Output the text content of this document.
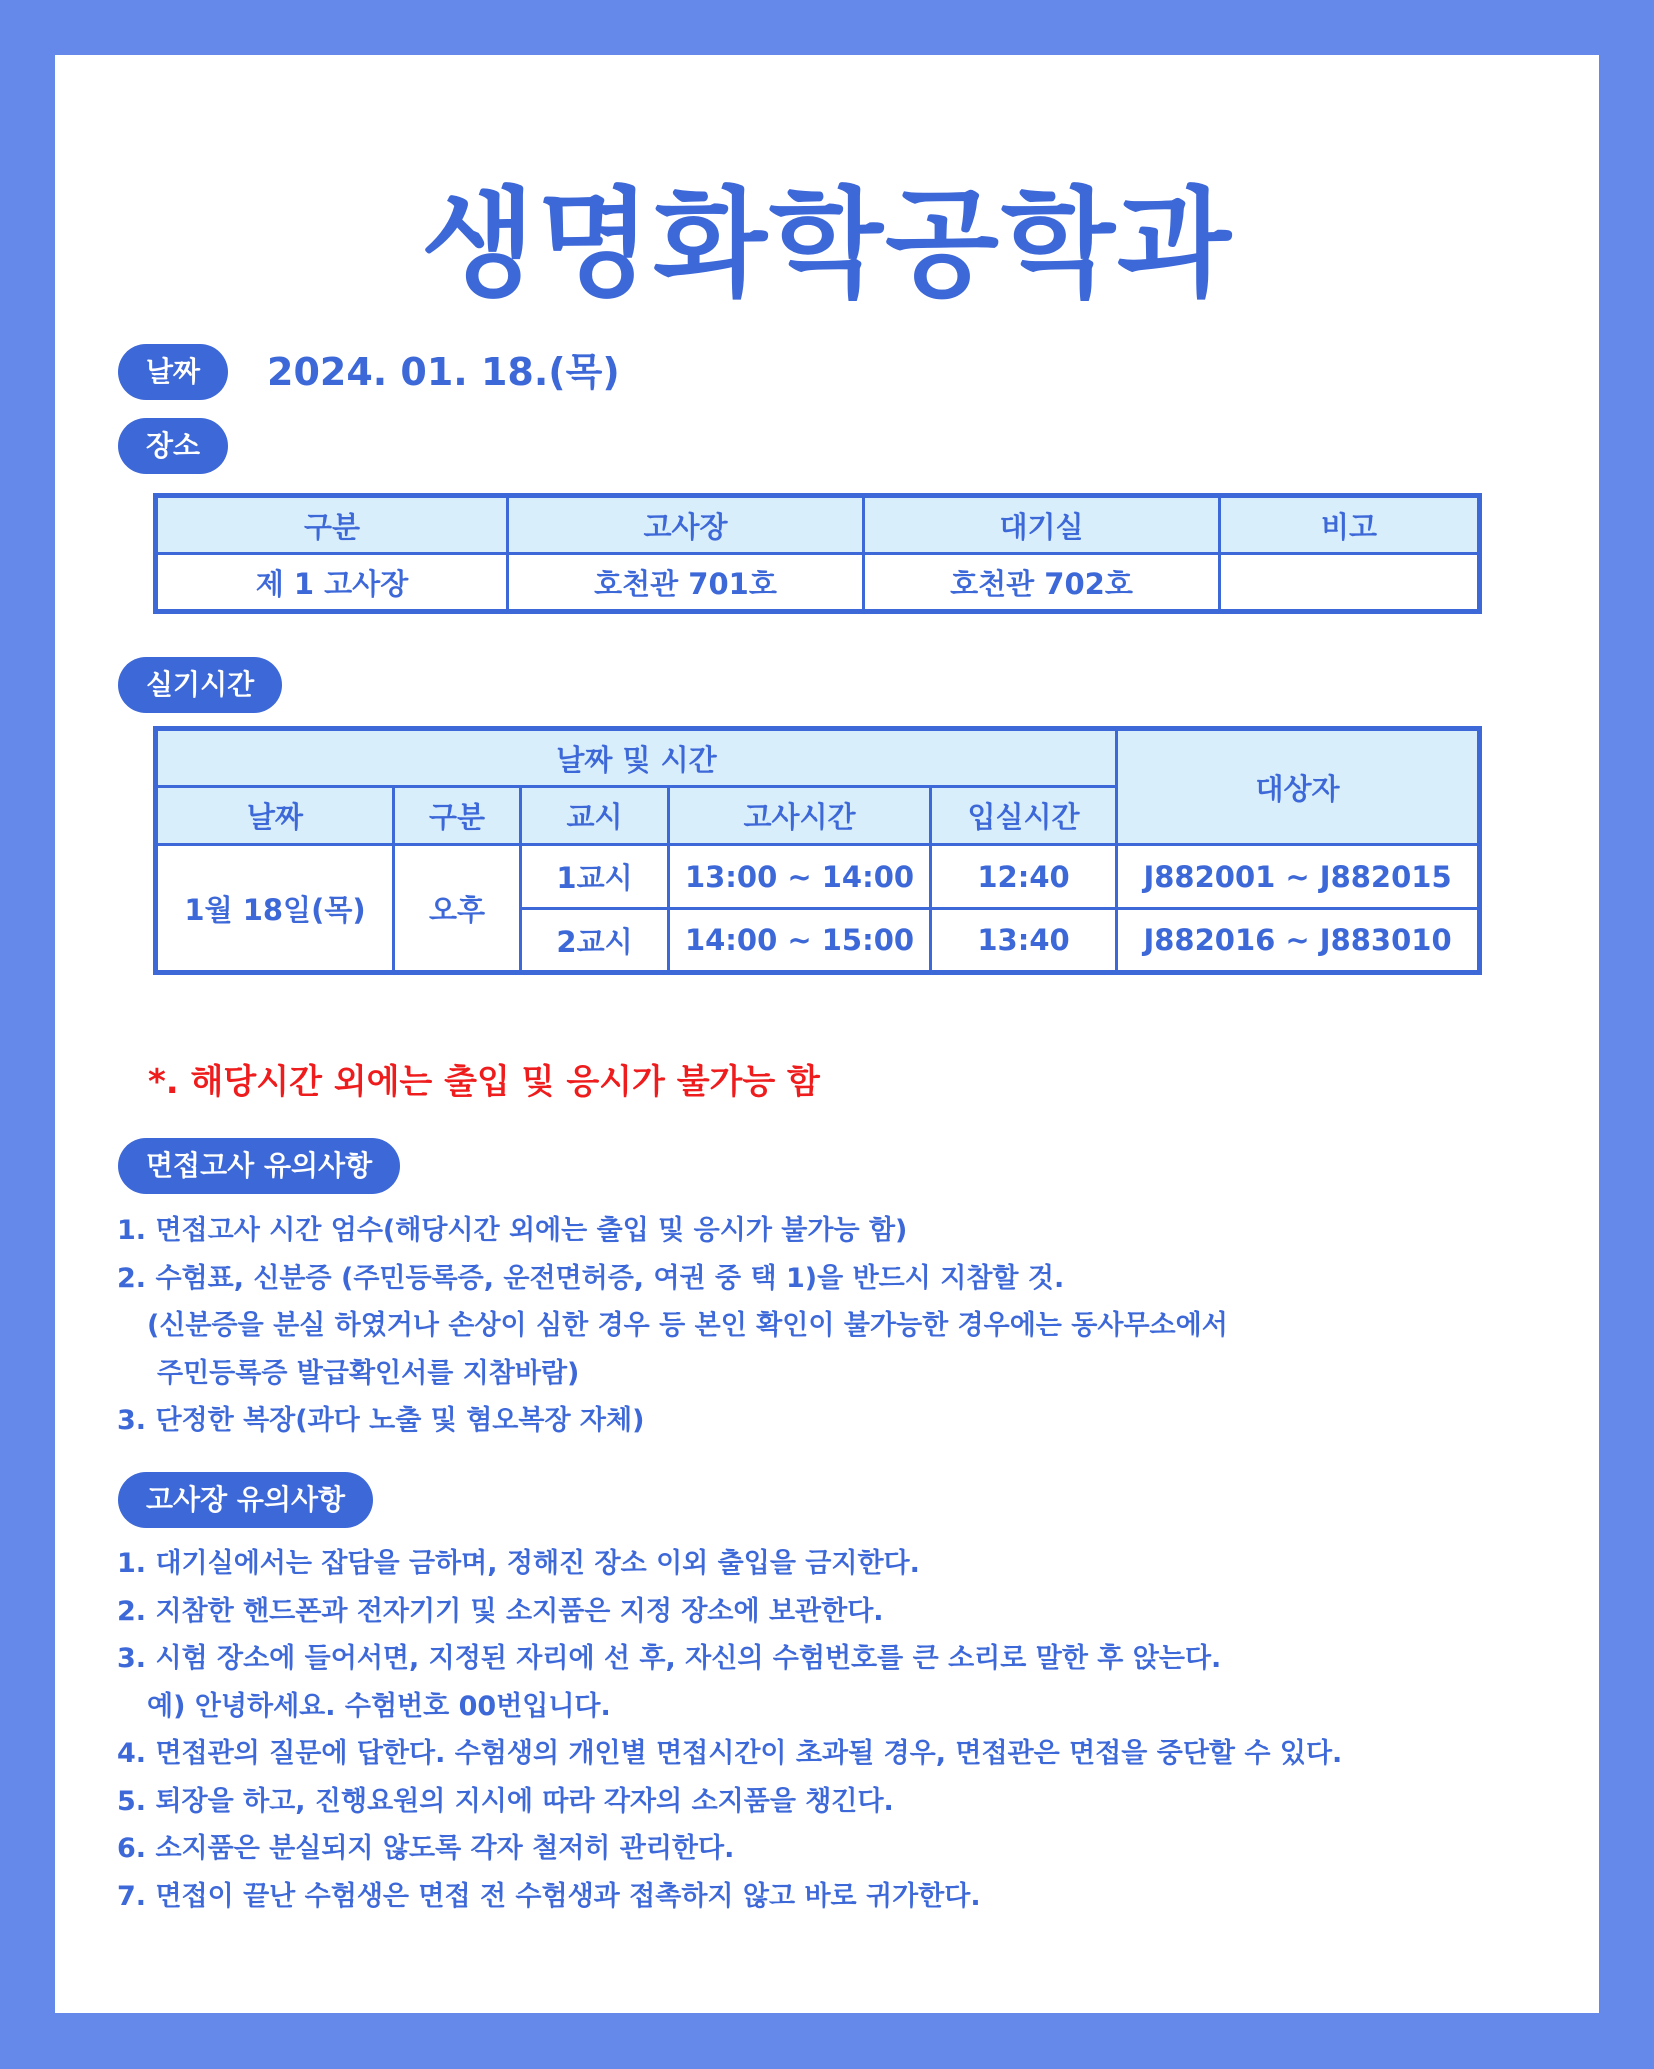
생명화학공학과
날짜	2024. 01. 18.(목)
장소
구분	고사장	대기실	비고
제 1 고사장	호천관 701호	호천관 702호	
실기시간
날짜 및 시간					대상자
날짜	구분	교시	고사시간	입실시간	
1월 18일(목)	오후	1교시	13:00 ~ 14:00	12:40	J882001 ~ J882015
		2교시	14:00 ~ 15:00	13:40	J882016 ~ J883010
*. 해당시간 외에는 출입 및 응시가 불가능 함
면접고사 유의사항
1. 면접고사 시간 엄수(해당시간 외에는 출입 및 응시가 불가능 함)
2. 수험표, 신분증 (주민등록증, 운전면허증, 여권 중 택 1)을 반드시 지참할 것.
(신분증을 분실 하였거나 손상이 심한 경우 등 본인 확인이 불가능한 경우에는 동사무소에서
주민등록증 발급확인서를 지참바람)
3. 단정한 복장(과다 노출 및 혐오복장 자체)
고사장 유의사항
1. 대기실에서는 잡담을 금하며, 정해진 장소 이외 출입을 금지한다.
2. 지참한 핸드폰과 전자기기 및 소지품은 지정 장소에 보관한다.
3. 시험 장소에 들어서면, 지정된 자리에 선 후, 자신의 수험번호를 큰 소리로 말한 후 앉는다.
예) 안녕하세요. 수험번호 00번입니다.
4. 면접관의 질문에 답한다. 수험생의 개인별 면접시간이 초과될 경우, 면접관은 면접을 중단할 수 있다.
5. 퇴장을 하고, 진행요원의 지시에 따라 각자의 소지품을 챙긴다.
6. 소지품은 분실되지 않도록 각자 철저히 관리한다.
7. 면접이 끝난 수험생은 면접 전 수험생과 접촉하지 않고 바로 귀가한다.
